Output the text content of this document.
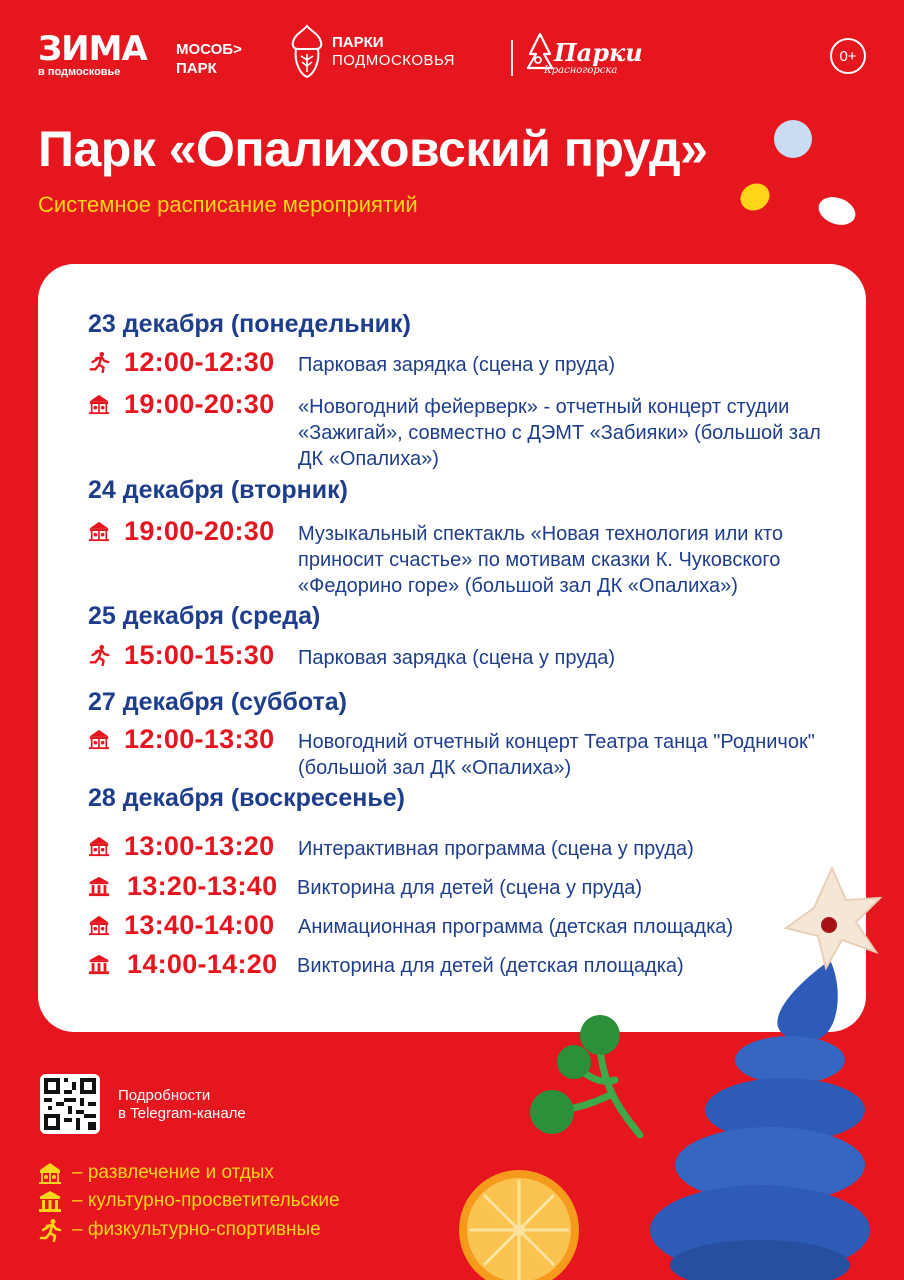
ЗИМА
в подмосковье
МОСОБ>
ПАРК
ПАРКИ
ПОДМОСКОВЬЯ	Парки
Красногорска
0+
Парк «Опалиховский пруд»
Системное расписание мероприятий
23 декабря (понедельник)
12:00-12:30 Парковая зарядка (сцена у пруда)
19:00-20:30 «Новогодний фейерверк» - отчетный концерт студии «Зажигай», совместно с ДЭМТ «Забияки» (большой зал ДК «Опалиха»)
24 декабря (вторник)
19:00-20:30 Музыкальный спектакль «Новая технология или кто приносит счастье» по мотивам сказки К. Чуковского «Федорино горе» (большой зал ДК «Опалиха»)
25 декабря (среда)
15:00-15:30 Парковая зарядка (сцена у пруда)
27 декабря (суббота)
12:00-13:30 Новогодний отчетный концерт Театра танца "Родничок" (большой зал ДК «Опалиха»)
28 декабря (воскресенье)
13:00-13:20 Интерактивная программа (сцена у пруда)
13:20-13:40 Викторина для детей (сцена у пруда)
13:40-14:00 Анимационная программа (детская площадка)
14:00-14:20 Викторина для детей (детская площадка)
Подробности
в Telegram-канале
– развлечение и отдых
– культурно-просветительские
– физкультурно-спортивные
